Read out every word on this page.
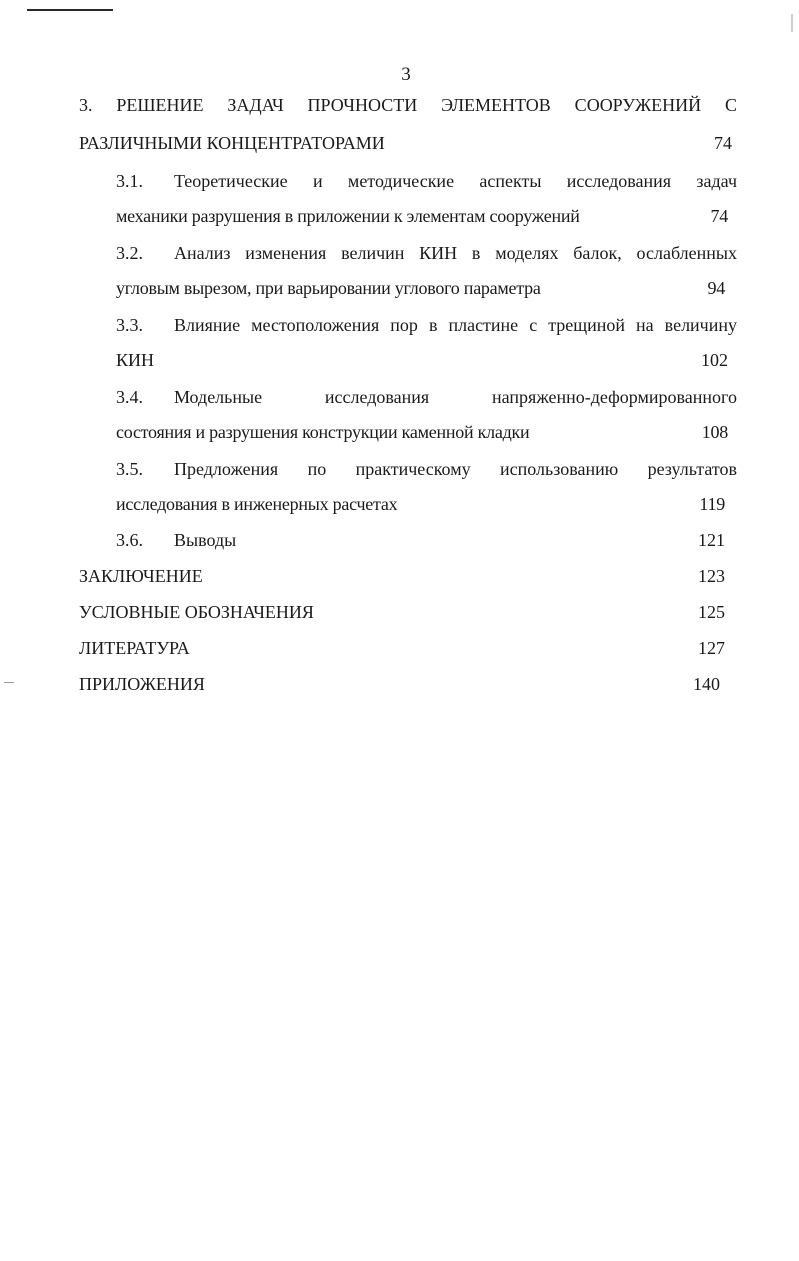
3
3. РЕШЕНИЕ ЗАДАЧ ПРОЧНОСТИ ЭЛЕМЕНТОВ СООРУЖЕНИЙ С
РАЗЛИЧНЫМИ КОНЦЕНТРАТОРАМИ	74
3.1. Теоретические и методические аспекты исследования задач
механики разрушения в приложении к элементам сооружений	74
3.2. Анализ изменения величин КИН в моделях балок, ослабленных
угловым вырезом, при варьировании углового параметра	94
3.3. Влияние местоположения пор в пластине с трещиной на величину
КИН	102
3.4. Модельные исследования напряженно-деформированного
состояния и разрушения конструкции каменной кладки	108
3.5. Предложения по практическому использованию результатов
исследования в инженерных расчетах	119
3.6. Выводы	121
ЗАКЛЮЧЕНИЕ	123
УСЛОВНЫЕ ОБОЗНАЧЕНИЯ	125
ЛИТЕРАТУРА	127
ПРИЛОЖЕНИЯ	140
